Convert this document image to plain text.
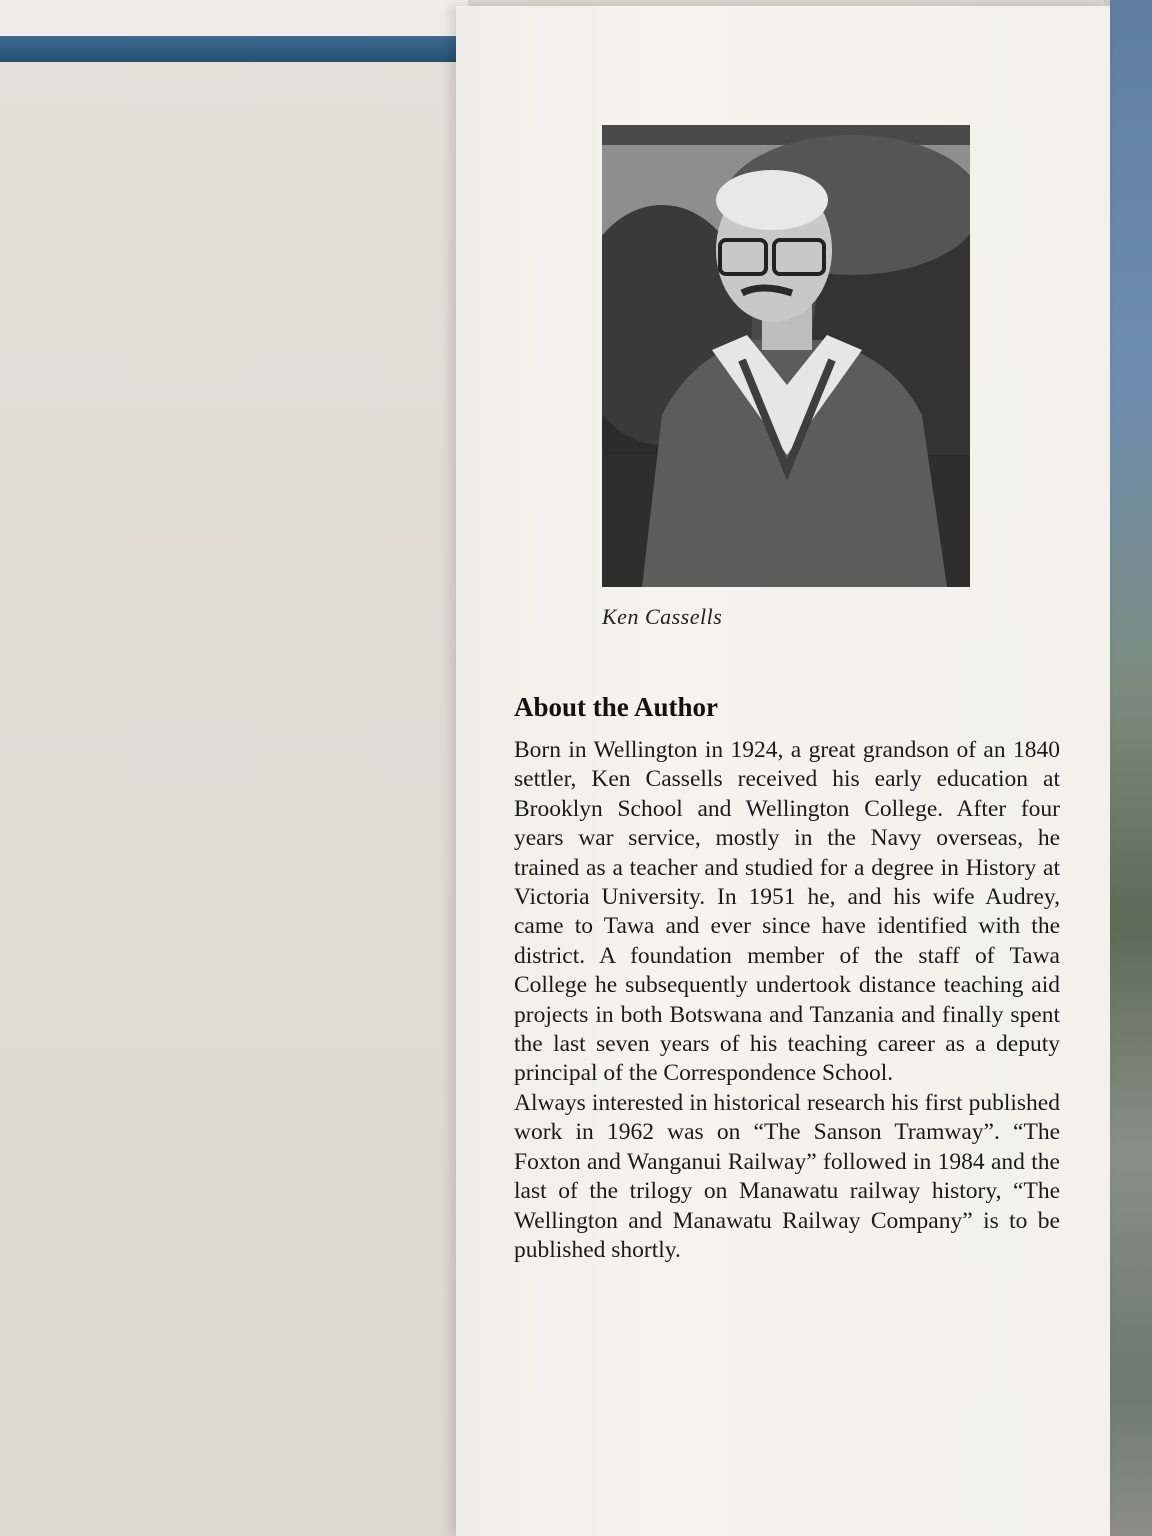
Ken Cassells
About the Author

Born in Wellington in 1924, a great grandson of an 1840 settler, Ken Cassells received his early education at Brooklyn School and Wellington College. After four years war service, mostly in the Navy overseas, he trained as a teacher and studied for a degree in History at Victoria University. In 1951 he, and his wife Audrey, came to Tawa and ever since have identified with the district. A foundation member of the staff of Tawa College he subsequently undertook distance teaching aid projects in both Botswana and Tanzania and finally spent the last seven years of his teaching career as a deputy principal of the Correspondence School.

Always interested in historical research his first published work in 1962 was on “The Sanson Tramway”. “The Foxton and Wanganui Railway” followed in 1984 and the last of the trilogy on Manawatu railway history, “The Wellington and Manawatu Railway Company” is to be published shortly.
